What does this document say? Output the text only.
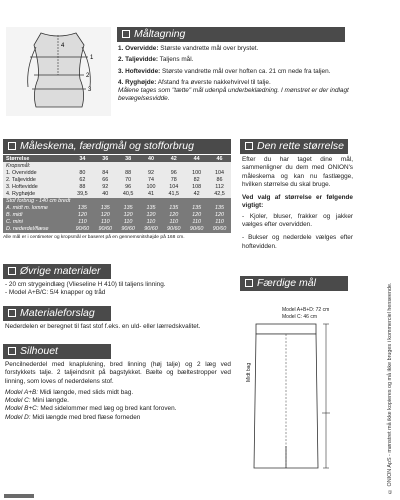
1
2
3
4
Måltagning

1. Overvidde: Største vandrette mål over brystet.

2. Taljevidde: Taljens mål.

3. Hoftevidde: Største vandrette mål over hoften ca. 21 cm nede fra taljen.

4. Ryghøjde: Afstand fra øverste nakkehvirvel til talje.

Målene tages som "tætte" mål udenpå underbeklædning. I mønstret er der indlagt bevægelsesvidde.

Måleskema, færdigmål og stofforbrug
Størrelse	34	36	38	40	42	44	46
Kropsmål:							
1. Overvidde	80	84	88	92	96	100	104
2. Taljevidde	62	66	70	74	78	82	86
3. Hoftevidde	88	92	96	100	104	108	112
4. Ryghøjde	39,5	40	40,5	41	41,5	42	42,5
Stof forbrug - 140 cm bredt							
A. midt m. lomme	135	135	135	135	135	135	135
B. midi	120	120	120	120	120	120	120
C. mini	110	110	110	110	110	110	110
D. nederdel/flæse	90/60	90/60	90/60	90/60	90/60	90/60	90/60
Alle mål er i centimeter og kropsmål er baseret på en gennemsnitshøjde på 168 cm.
Den rette størrelse
Efter du har taget dine mål, sammenligner du dem med ONION's måleskema og kan nu fastlægge, hvilken størrelse du skal bruge.
Ved valg af størrelse er følgende vigtigt:
- Kjoler, bluser, frakker og jakker vælges efter overvidden.
- Bukser og nederdele vælges efter hoftevidden.
Færdige mål
Model A+B+D: 72 cm
Model C: 46 cm
Midt bag
Øvrige materialer
- 20 cm strygeindlæg (Vlieseline H 410) til taljens linning.
- Model A+B/C: 5/4 knapper og tråd
Materialeforslag
Nederdelen er beregnet til fast stof f.eks. en uld- eller lærredskvalitet.
Silhouet
Pencilnederdel med knaplukning, bred linning (høj talje) og 2 læg ved forstykkets talje. 2 taljeindsnit på bagstykket. Bælte og bæltestropper ved linning, som loves of nederdelens stof.
Model A+B: Midi længde, med slids midt bag.
Model C: Mini længde.
Model B+C: Med sidelommer med læg og bred kant foroven.
Model D: Midi længde med bred flæse forneden	© ONION ApS - mønstret må ikke kopieres og må ikke bruges i kommerciel henseende.
